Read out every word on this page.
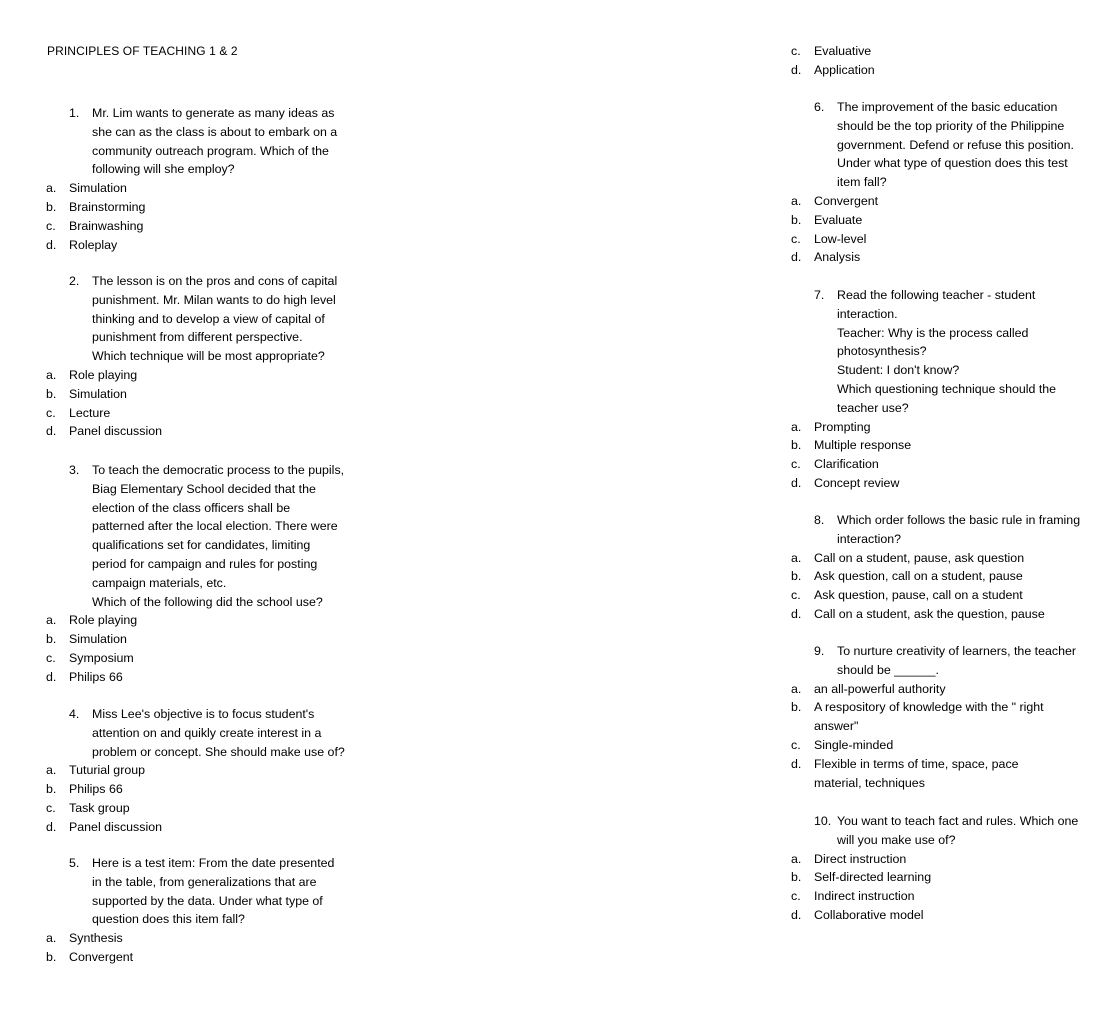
PRINCIPLES OF TEACHING 1 & 2
1.	Mr. Lim wants to generate as many ideas as
she can as the class is about to embark on a
community outreach program. Which of the
following will she employ?
a.	Simulation
b.	Brainstorming
c.	Brainwashing
d.	Roleplay
2.	The lesson is on the pros and cons of capital
punishment. Mr. Milan wants to do high level
thinking and to develop a view of capital of
punishment from different perspective.
Which technique will be most appropriate?
a.	Role playing
b.	Simulation
c.	Lecture
d.	Panel discussion
3.	To teach the democratic process to the pupils,
Biag Elementary School decided that the
election of the class officers shall be
patterned after the local election. There were
qualifications set for candidates, limiting
period for campaign and rules for posting
campaign materials, etc.
Which of the following did the school use?
a.	Role playing
b.	Simulation
c.	Symposium
d.	Philips 66
4.	Miss Lee's objective is to focus student's
attention on and quikly create interest in a
problem or concept. She should make use of?
a.	Tuturial group
b.	Philips 66
c.	Task group
d.	Panel discussion
5.	Here is a test item: From the date presented
in the table, from generalizations that are
supported by the data. Under what type of
question does this item fall?
a.	Synthesis
b.	Convergent
c.	Evaluative
d.	Application
6.	The improvement of the basic education
should be the top priority of the Philippine
government. Defend or refuse this position.
Under what type of question does this test
item fall?
a.	Convergent
b.	Evaluate
c.	Low-level
d.	Analysis
7.	Read the following teacher - student
interaction.
Teacher: Why is the process called
photosynthesis?
Student: I don't know?
Which questioning technique should the
teacher use?
a.	Prompting
b.	Multiple response
c.	Clarification
d.	Concept review
8.	Which order follows the basic rule in framing
interaction?
a.	Call on a student, pause, ask question
b.	Ask question, call on a student, pause
c.	Ask question, pause, call on a student
d.	Call on a student, ask the question, pause
9.	To nurture creativity of learners, the teacher
should be ______.
a.	an all-powerful authority
b.	A respository of knowledge with the " right
answer"
c.	Single-minded
d.	Flexible in terms of time, space, pace
material, techniques
10. You want to teach fact and rules. Which one
will you make use of?
a.	Direct instruction
b.	Self-directed learning
c.	Indirect instruction
d.	Collaborative model
